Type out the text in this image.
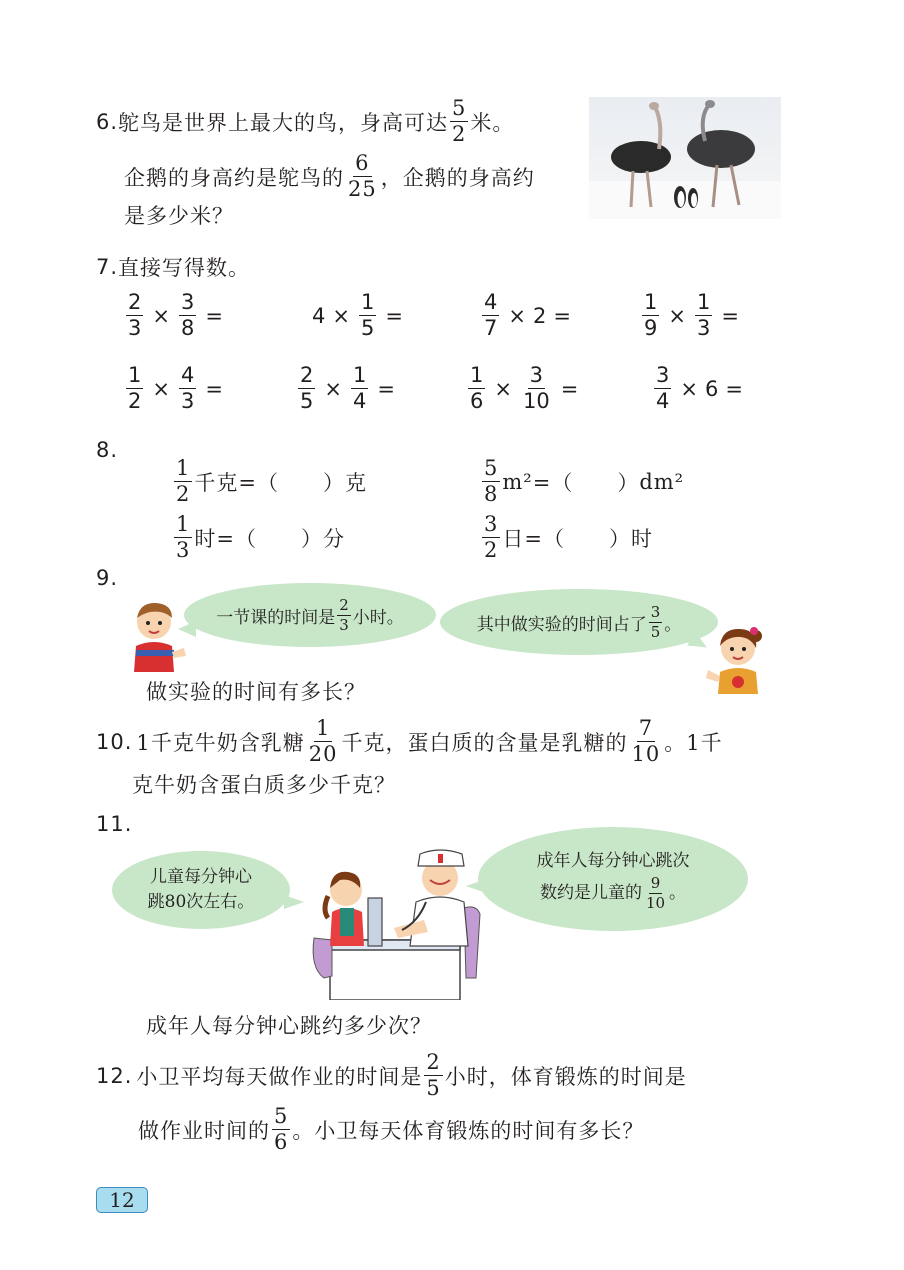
6. 鸵鸟是世界上最大的鸟，身高可达
5
2 米。
企鹅的身高约是鸵鸟的
6
25 ，企鹅的身高约
是多少米？
7. 直接写得数。
$\frac{2}{3} \times \frac{3}{8}$ =	$4 \times \frac{1}{5}$ =	$\frac{4}{7} \times 2$ =	$\frac{1}{9} \times \frac{1}{3}$ =
$\frac{1}{2} \times \frac{4}{3}$ =	$\frac{2}{5} \times \frac{1}{4}$ =	$\frac{1}{6} \times \frac{3}{10}$ =	$\frac{3}{4} \times 6$ =
8.
1
2 千克 =（　　） 克
5
8
m² =（　　） dm²
1
3 时 =（　　） 分
3
2 日 =（　　） 时
9.
一节课的时间是
2
3 小时。	其中做实验的时间占了
3
5 。
做实验的时间有多长？
10. 1千克牛奶含乳糖
1
20 千克，蛋白质的含量是乳糖的
7
10 。1千
克牛奶含蛋白质多少千克？
11.
儿童每分钟心
跳80次左右。
成年人每分钟心跳次
数约是儿童的
9
10 。
成年人每分钟心跳约多少次？
12. 小卫平均每天做作业的时间是
2
5 小时，体育锻炼的时间是
做作业时间的
5
6 。小卫每天体育锻炼的时间有多长？
12
